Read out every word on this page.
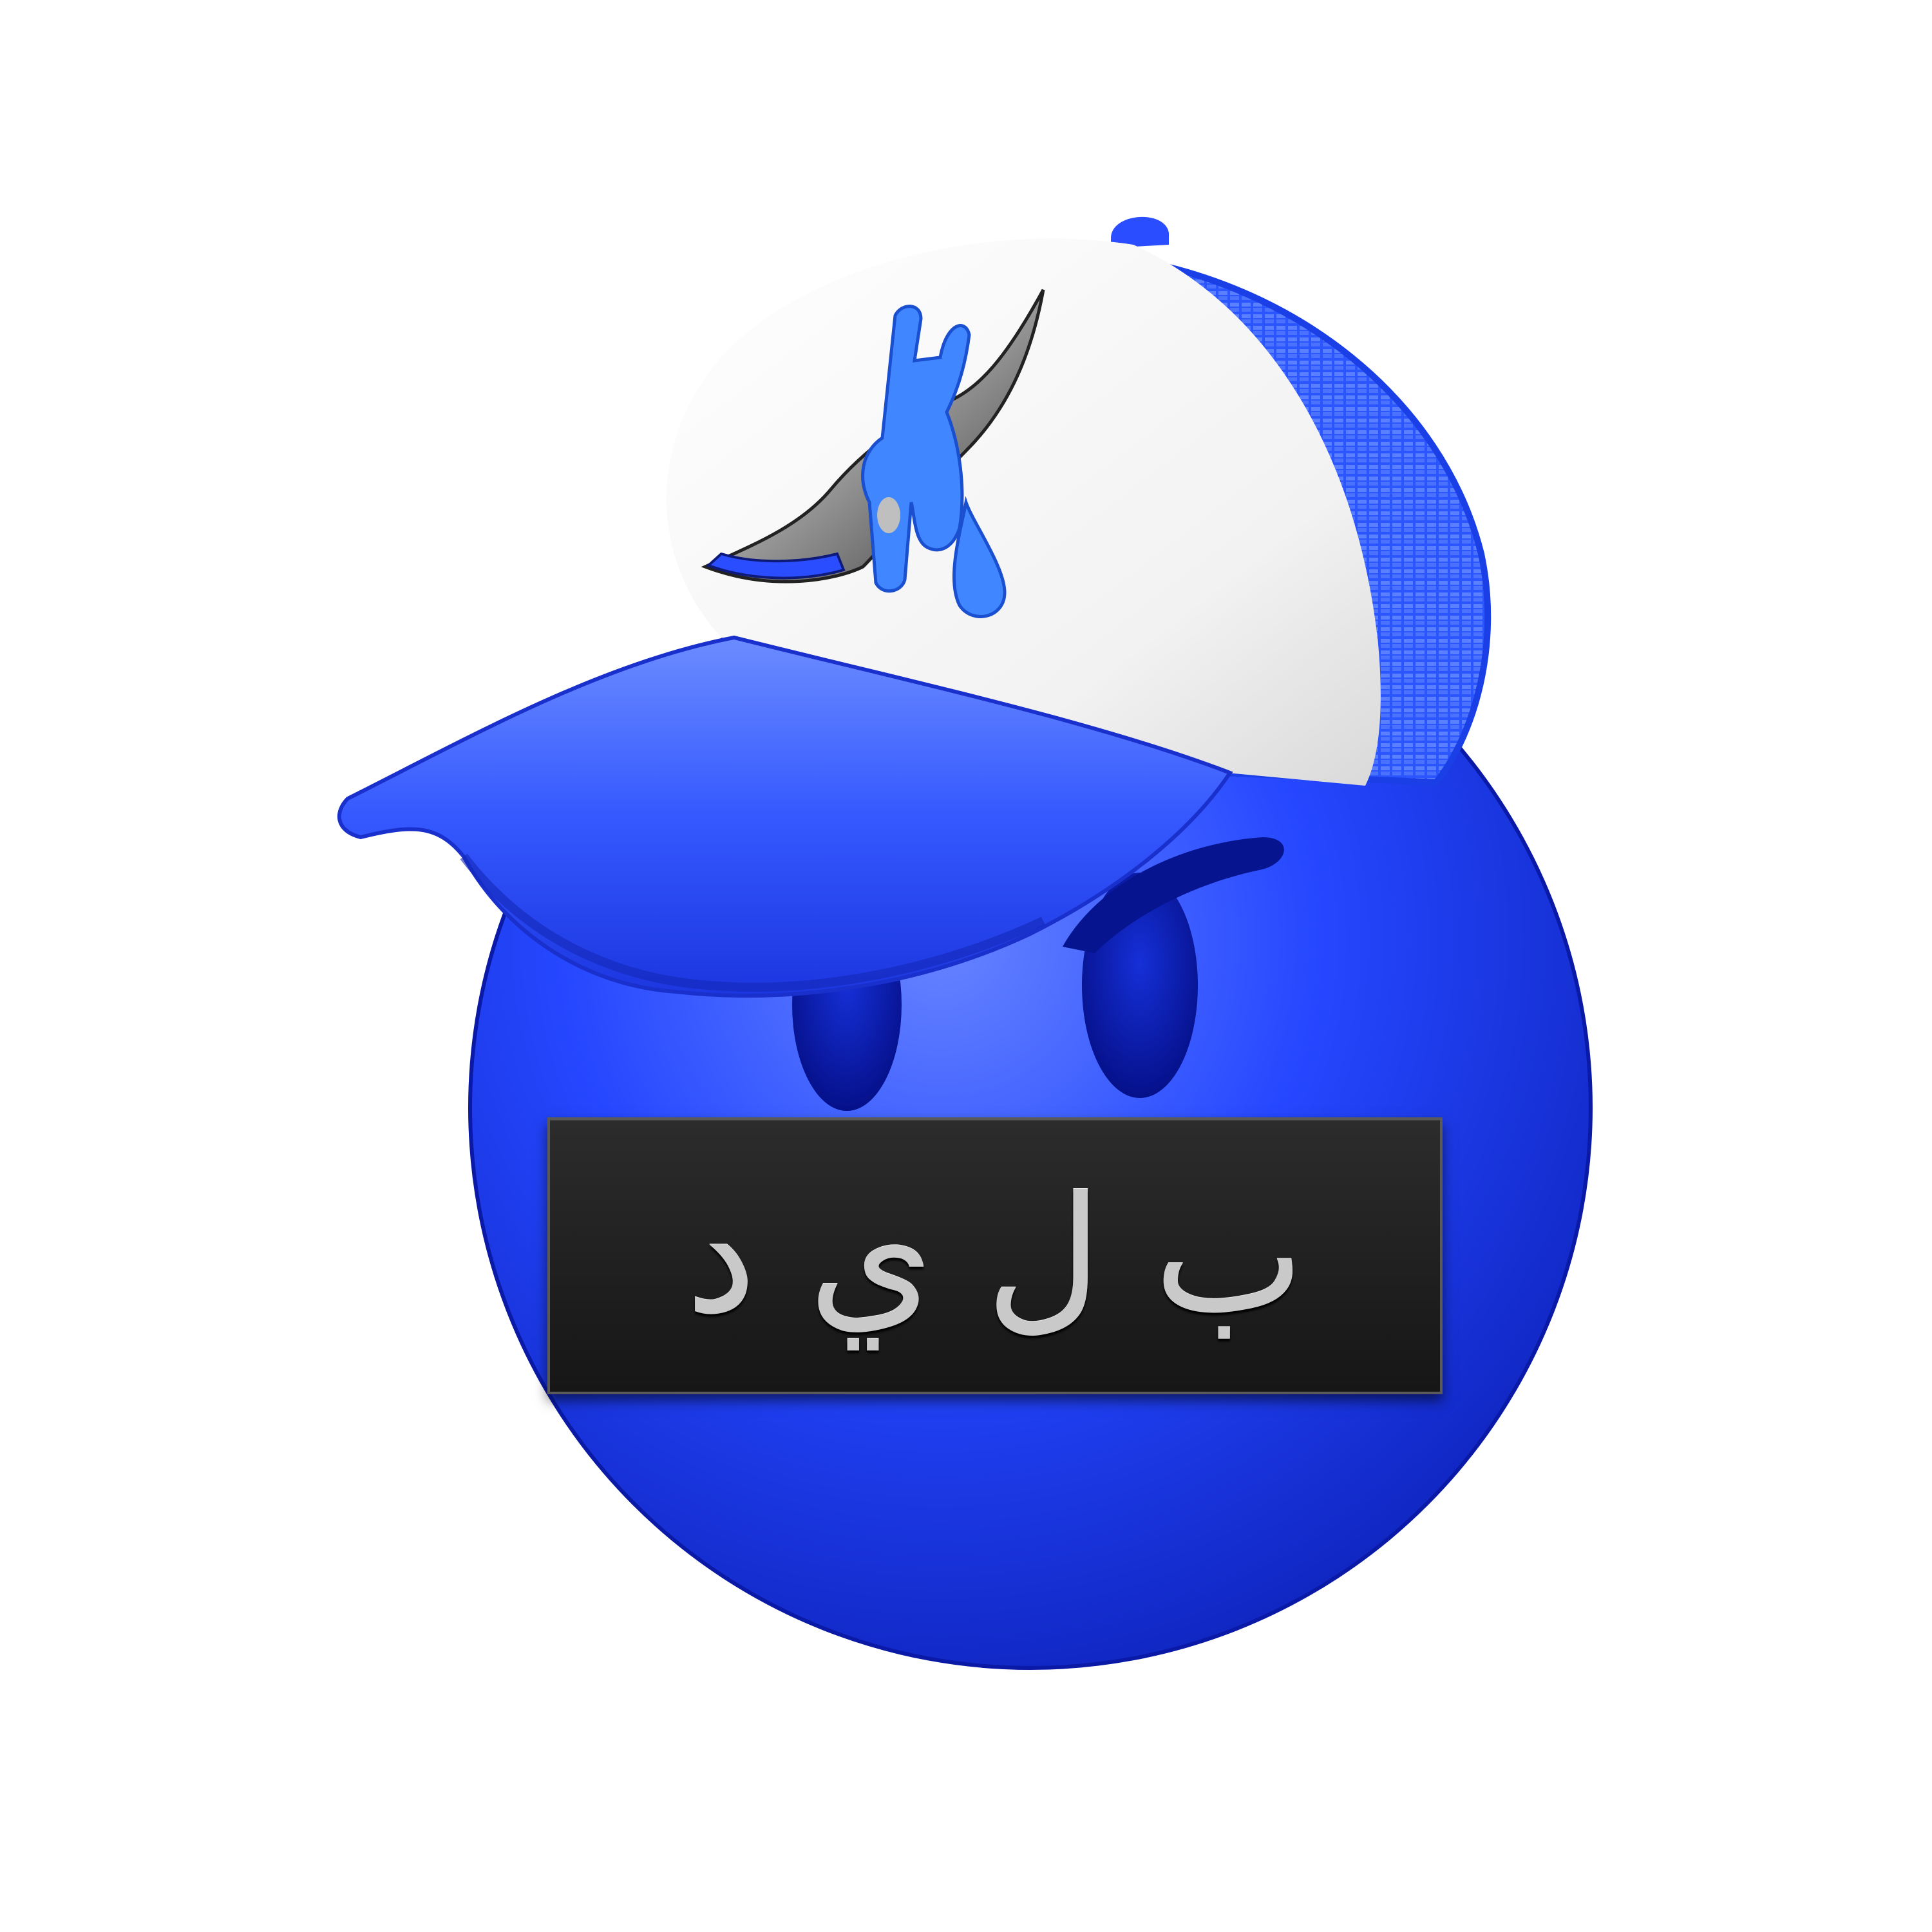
ب ل ي د
